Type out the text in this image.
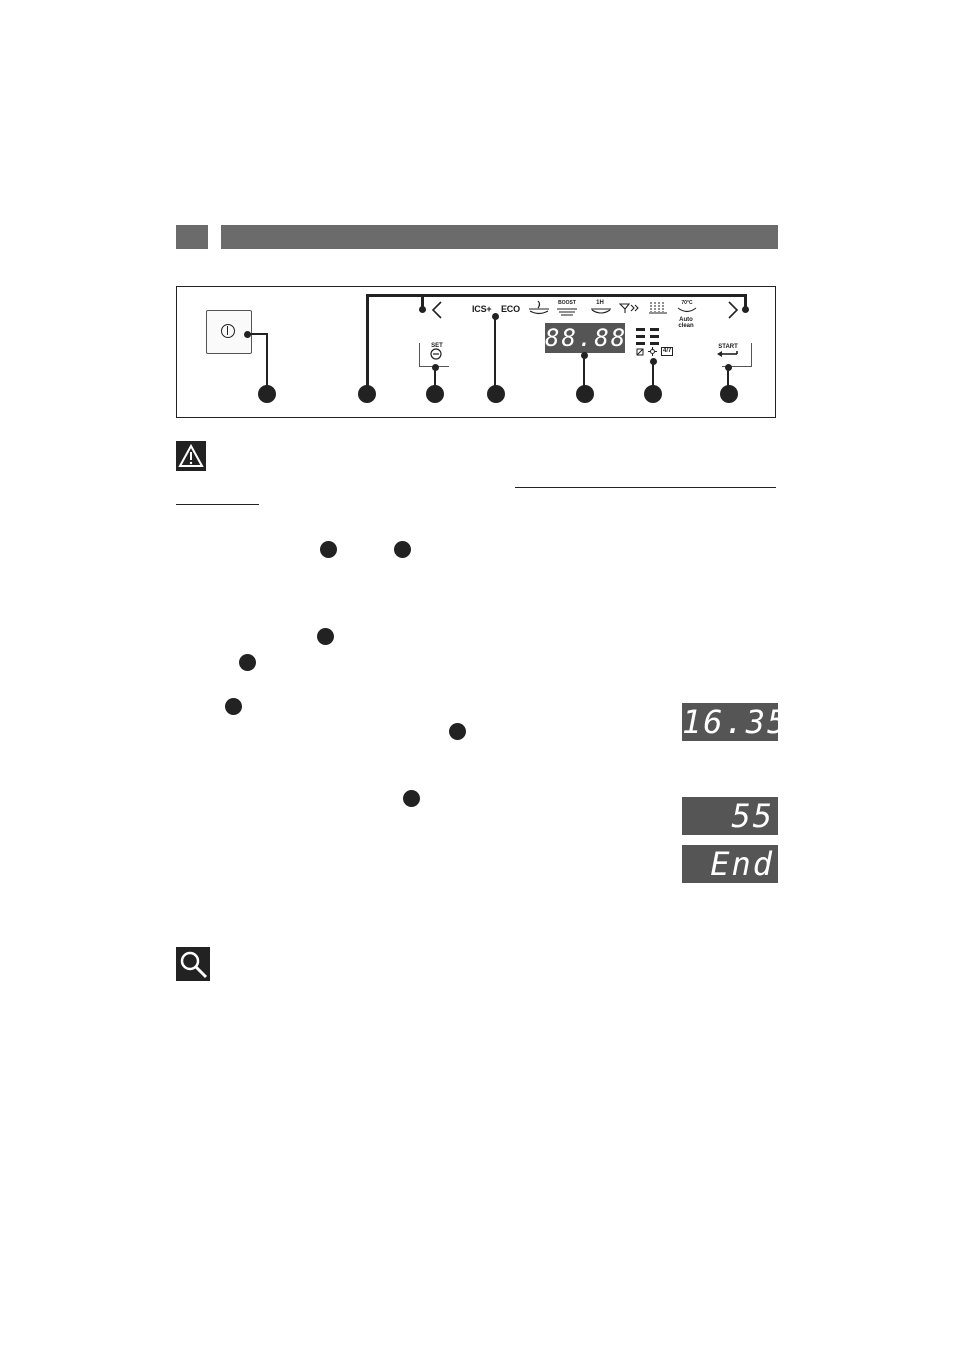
SET
ICS+ ECO
BOOST	1H	70°C
Auto
clean
88.88	4/7
START
16.35
55
End
